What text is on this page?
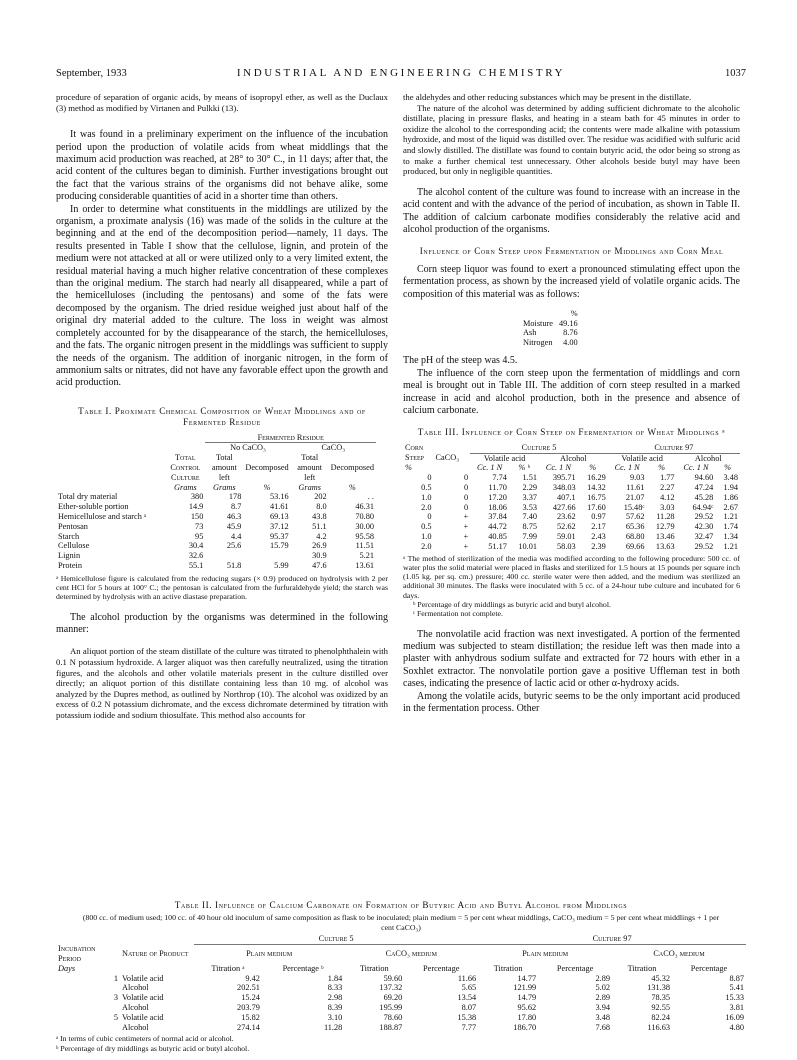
September, 1933	INDUSTRIAL AND ENGINEERING CHEMISTRY	1037

procedure of separation of organic acids, by means of isopropyl ether, as well as the Duclaux (3) method as modified by Virtanen and Pulkki (13).

It was found in a preliminary experiment on the influence of the incubation period upon the production of volatile acids from wheat middlings that the maximum acid production was reached, at 28° to 30° C., in 11 days; after that, the acid content of the cultures began to diminish. Further investigations brought out the fact that the various strains of the organisms did not behave alike, some producing considerable quantities of acid in a shorter time than others.

In order to determine what constituents in the middlings are utilized by the organism, a proximate analysis (16) was made of the solids in the culture at the beginning and at the end of the decomposition period—namely, 11 days. The results presented in Table I show that the cellulose, lignin, and protein of the medium were not attacked at all or were utilized only to a very limited extent, the residual material having a much higher relative concentration of these complexes than the original medium. The starch had nearly all disappeared, while a part of the hemicelluloses (including the pentosans) and some of the fats were decomposed by the organism. The dried residue weighed just about half of the original dry material added to the culture. The loss in weight was almost completely accounted for by the disappearance of the starch, the hemicelluloses, and the fats. The organic nitrogen present in the middlings was sufficient to supply the needs of the organism. The addition of inorganic nitrogen, in the form of ammonium salts or nitrates, did not have any favorable effect upon the growth and acid production.

Table I. Proximate Chemical Composition of Wheat Middlings and of Fermented Residue
		Fermented Residue			
		No CaCO₃		CaCO₃	
	Total
Control
Culture	Total amount left	Decomposed	Total amount left	Decomposed
	Grams	Grams	%	Grams	%
Total dry material	380	178	53.16	202	. .
Ether-soluble portion	14.9	8.7	41.61	8.0	46.31
Hemicellulose and starch ᵃ	150	46.3	69.13	43.8	70.80
Pentosan	73	45.9	37.12	51.1	30.00
Starch	95	4.4	95.37	4.2	95.58
Cellulose	30.4	25.6	15.79	26.9	11.51
Lignin	32.6			30.9	5.21
Protein	55.1	51.8	5.99	47.6	13.61

ᵃ Hemicellulose figure is calculated from the reducing sugars (× 0.9) produced on hydrolysis with 2 per cent HCl for 5 hours at 100° C.; the pentosan is calculated from the furfuraldehyde yield; the starch was determined by hydrolysis with an active diastase preparation.

The alcohol production by the organisms was determined in the following manner:

An aliquot portion of the steam distillate of the culture was titrated to phenolphthalein with 0.1 N potassium hydroxide. A larger aliquot was then carefully neutralized, using the titration figures, and the alcohols and other volatile materials present in the culture distilled over directly; an aliquot portion of this distillate containing less than 10 mg. of alcohol was analyzed by the Dupres method, as outlined by Northrop (10). The alcohol was oxidized by an excess of 0.2 N potassium dichromate, and the excess dichromate determined by titration with potassium iodide and sodium thiosulfate. This method also accounts for

the aldehydes and other reducing substances which may be present in the distillate.

The nature of the alcohol was determined by adding sufficient dichromate to the alcoholic distillate, placing in pressure flasks, and heating in a steam bath for 45 minutes in order to oxidize the alcohol to the corresponding acid; the contents were made alkaline with potassium hydroxide, and most of the liquid was distilled over. The residue was acidified with sulfuric acid and slowly distilled. The distillate was found to contain butyric acid, the odor being so strong as to make a further chemical test unnecessary. Other alcohols beside butyl may have been produced, but only in negligible quantities.

The alcohol content of the culture was found to increase with an increase in the acid content and with the advance of the period of incubation, as shown in Table II. The addition of calcium carbonate modifies considerably the relative acid and alcohol production of the organisms.

Influence of Corn Steep upon Fermentation of Middlings and Corn Meal

Corn steep liquor was found to exert a pronounced stimulating effect upon the fermentation process, as shown by the increased yield of volatile organic acids. The composition of this material was as follows:

	%
Moisture	49.16
Ash	8.76
Nitrogen	4.00

The pH of the steep was 4.5.

The influence of the corn steep upon the fermentation of middlings and corn meal is brought out in Table III. The addition of corn steep resulted in a marked increase in acid and alcohol production, both in the presence and absence of calcium carbonate.

Table III. Influence of Corn Steep on Fermentation of Wheat Middlings ᵃ
Corn		Culture 5				Culture 97			
Steep	CaCO₃	Volatile acid		Alcohol		Volatile acid		Alcohol	
%		Cc. 1 N	% ᵇ	Cc. 1 N	%	Cc. 1 N	%	Cc. 1 N	%
0	0	7.74	1.51	395.71	16.29	9.03	1.77	94.60	3.48
0.5	0	11.70	2.29	348.03	14.32	11.61	2.27	47.24	1.94
1.0	0	17.20	3.37	407.1	16.75	21.07	4.12	45.28	1.86
2.0	0	18.06	3.53	427.66	17.60	15.48ᶜ	3.03	64.94ᶜ	2.67
0	+	37.84	7.40	23.62	0.97	57.62	11.28	29.52	1.21
0.5	+	44.72	8.75	52.62	2.17	65.36	12.79	42.30	1.74
1.0	+	40.85	7.99	59.01	2.43	68.80	13.46	32.47	1.34
2.0	+	51.17	10.01	58.03	2.39	69.66	13.63	29.52	1.21

ᵃ The method of sterilization of the media was modified according to the following procedure: 500 cc. of water plus the solid material were placed in flasks and sterilized for 1.5 hours at 15 pounds per square inch (1.05 kg. per sq. cm.) pressure; 400 cc. sterile water were then added, and the medium was sterilized an additional 30 minutes. The flasks were inoculated with 5 cc. of a 24-hour tube culture and incubated for 6 days.

ᵇ Percentage of dry middlings as butyric acid and butyl alcohol.

ᶜ Fermentation not complete.

The nonvolatile acid fraction was next investigated. A portion of the fermented medium was subjected to steam distillation; the residue left was then made into a plaster with anhydrous sodium sulfate and extracted for 72 hours with ether in a Soxhlet extractor. The nonvolatile portion gave a positive Uffleman test in both cases, indicating the presence of lactic acid or other α-hydroxy acids.

Among the volatile acids, butyric seems to be the only important acid produced in the fermentation process. Other

Table II. Influence of Calcium Carbonate on Formation of Butyric Acid and Butyl Alcohol from Middlings
(800 cc. of medium used; 100 cc. of 40 hour old inoculum of same composition as flask to be inoculated; plain medium = 5 per cent wheat middlings, CaCO₃ medium = 5 per cent wheat middlings + 1 per cent CaCO₃)
		Culture 5				Culture 97			
Incubation Period	Nature of Product	Plain medium		CaCO₃ medium		Plain medium		CaCO₃ medium	
Days		Titration ᵃ	Percentage ᵇ	Titration	Percentage	Titration	Percentage	Titration	Percentage
1	Volatile acid	9.42	1.84	59.60	11.66	14.77	2.89	45.32	8.87
	Alcohol	202.51	8.33	137.32	5.65	121.99	5.02	131.38	5.41
3	Volatile acid	15.24	2.98	69.20	13.54	14.79	2.89	78.35	15.33
	Alcohol	203.79	8.39	195.99	8.07	95.62	3.94	92.55	3.81
5	Volatile acid	15.82	3.10	78.60	15.38	17.80	3.48	82.24	16.09
	Alcohol	274.14	11.28	188.87	7.77	186.70	7.68	116.63	4.80

ᵃ In terms of cubic centimeters of normal acid or alcohol.

ᵇ Percentage of dry middlings as butyric acid or butyl alcohol.
